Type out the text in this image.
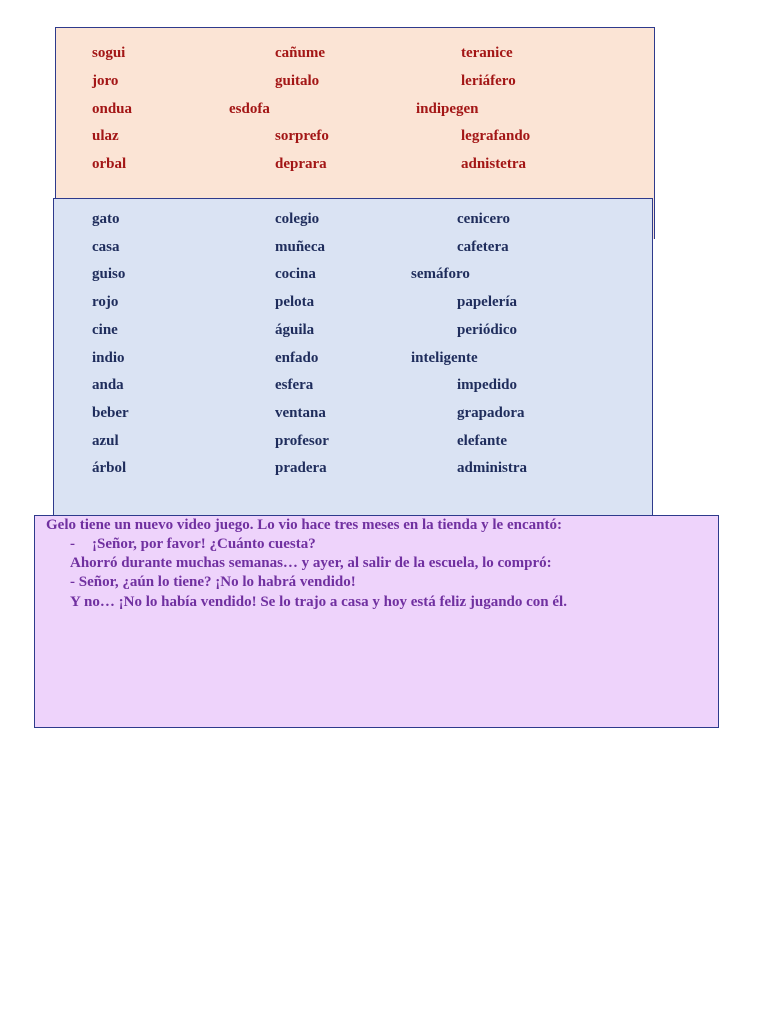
sogui	cañume	teranice
joro	guitalo	leriáfero
ondua	esdofa	indipegen
ulaz	sorprefo	legrafando
orbal	deprara	adnistetra
gato	colegio	cenicero
casa	muñeca	cafetera
guiso	cocina	semáforo
rojo	pelota	papelería
cine	águila	periódico
indio	enfado	inteligente
anda	esfera	impedido
beber	ventana	grapadora
azul	profesor	elefante
árbol	pradera	administra
Gelo tiene un nuevo video juego. Lo vio hace tres meses en la tienda y le encantó:
- ¡Señor, por favor! ¿Cuánto cuesta?
Ahorró durante muchas semanas… y ayer, al salir de la escuela, lo compró:
- Señor, ¿aún lo tiene? ¡No lo habrá vendido!
Y no… ¡No lo había vendido! Se lo trajo a casa y hoy está feliz jugando con él.
